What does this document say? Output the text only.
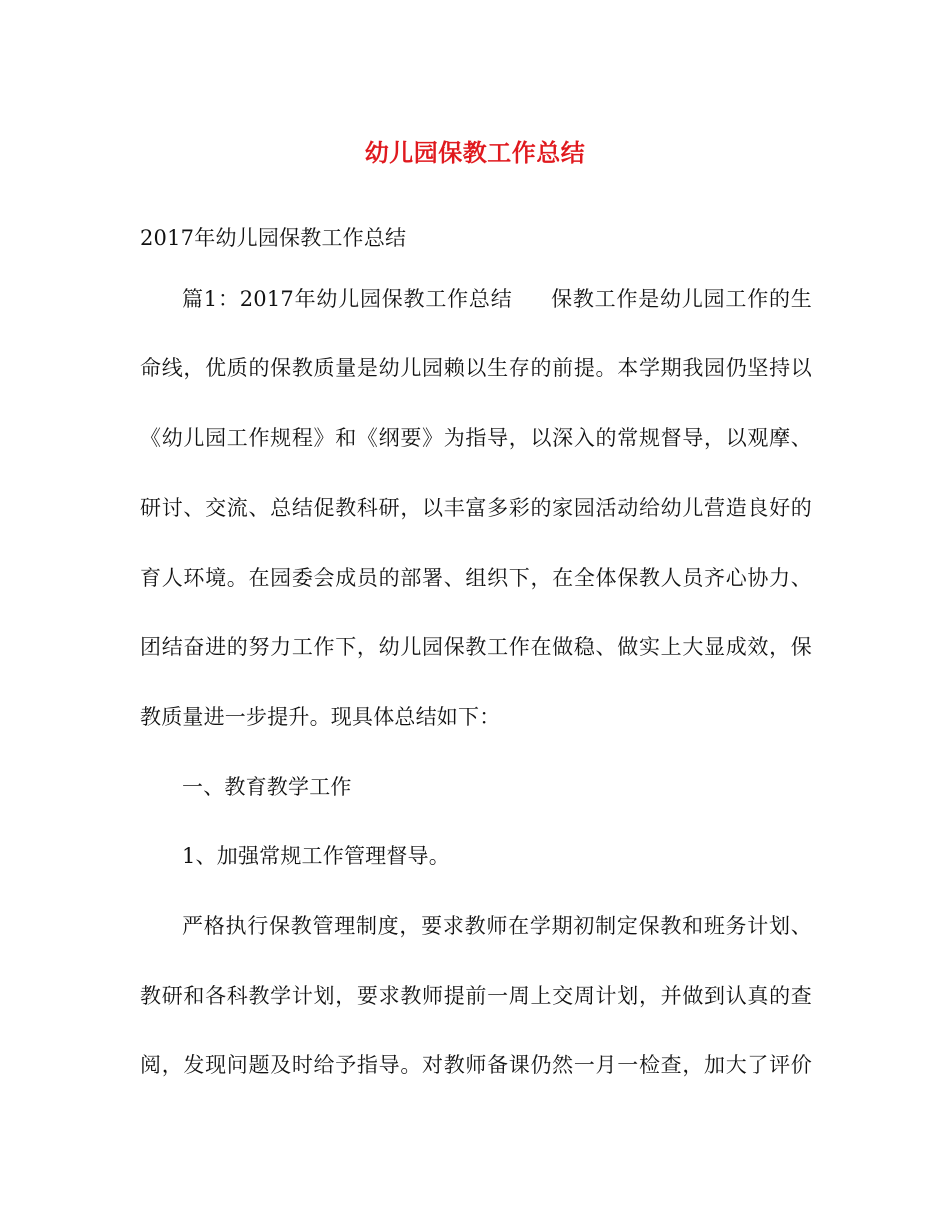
幼儿园保教工作总结
2017年幼儿园保教工作总结
篇1：2017年幼儿园保教工作总结 保教工作是幼儿园工作的生
命线，优质的保教质量是幼儿园赖以生存的前提。本学期我园仍坚持以
《幼儿园工作规程》和《纲要》为指导，以深入的常规督导，以观摩、
研讨、交流、总结促教科研，以丰富多彩的家园活动给幼儿营造良好的
育人环境。在园委会成员的部署、组织下，在全体保教人员齐心协力、
团结奋进的努力工作下，幼儿园保教工作在做稳、做实上大显成效，保
教质量进一步提升。现具体总结如下：
一、教育教学工作
1、加强常规工作管理督导。
严格执行保教管理制度，要求教师在学期初制定保教和班务计划、
教研和各科教学计划，要求教师提前一周上交周计划，并做到认真的查
阅，发现问题及时给予指导。对教师备课仍然一月一检查，加大了评价
